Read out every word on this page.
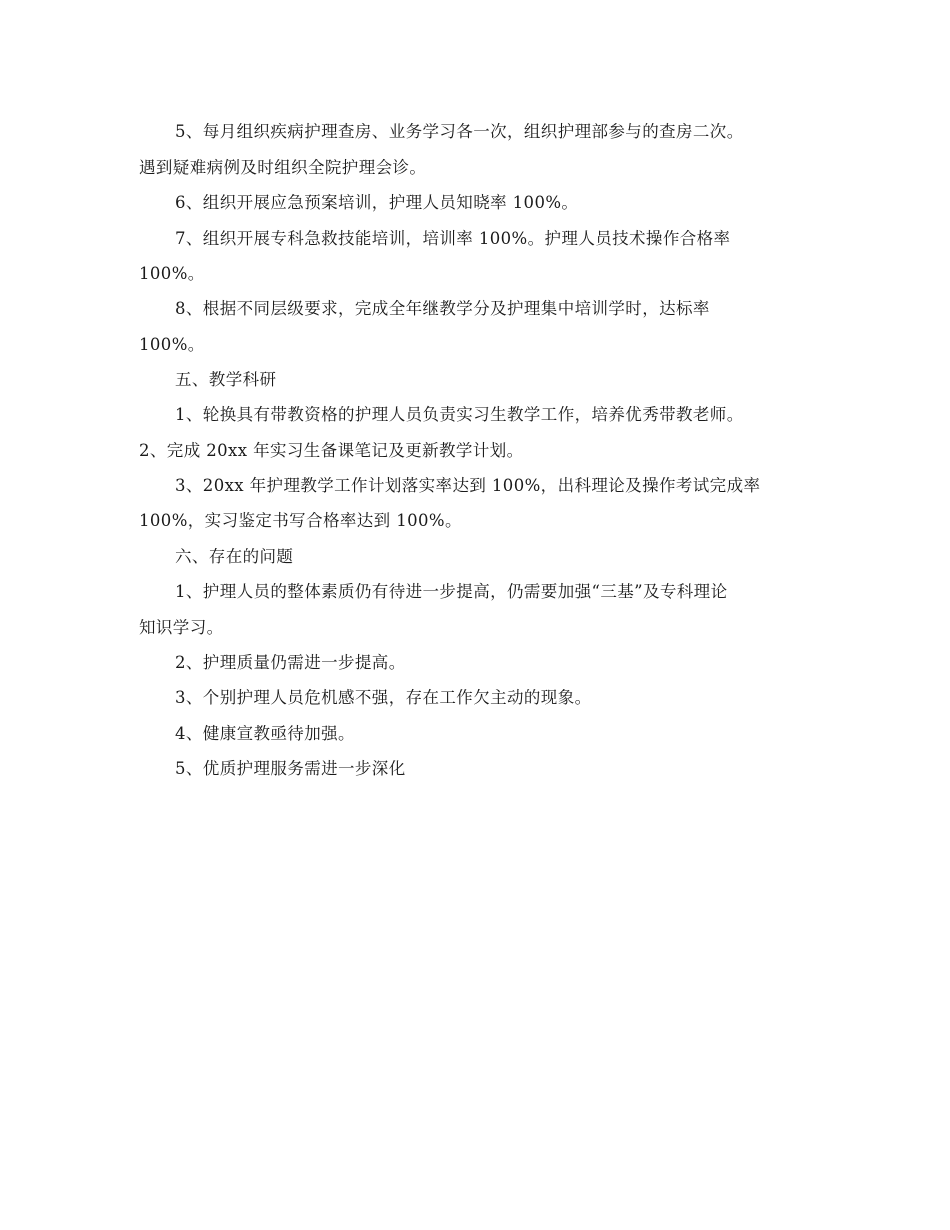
5、每月组织疾病护理查房、业务学习各一次，组织护理部参与的查房二次。
遇到疑难病例及时组织全院护理会诊。
6、组织开展应急预案培训，护理人员知晓率 100%。
7、组织开展专科急救技能培训，培训率 100%。护理人员技术操作合格率
100%。
8、根据不同层级要求，完成全年继教学分及护理集中培训学时，达标率
100%。
五、教学科研
1、轮换具有带教资格的护理人员负责实习生教学工作，培养优秀带教老师。
2、完成 20xx 年实习生备课笔记及更新教学计划。
3、20xx 年护理教学工作计划落实率达到 100%，出科理论及操作考试完成率
100%，实习鉴定书写合格率达到 100%。
六、存在的问题
1、护理人员的整体素质仍有待进一步提高，仍需要加强“三基”及专科理论
知识学习。
2、护理质量仍需进一步提高。
3、个别护理人员危机感不强，存在工作欠主动的现象。
4、健康宣教亟待加强。
5、优质护理服务需进一步深化
